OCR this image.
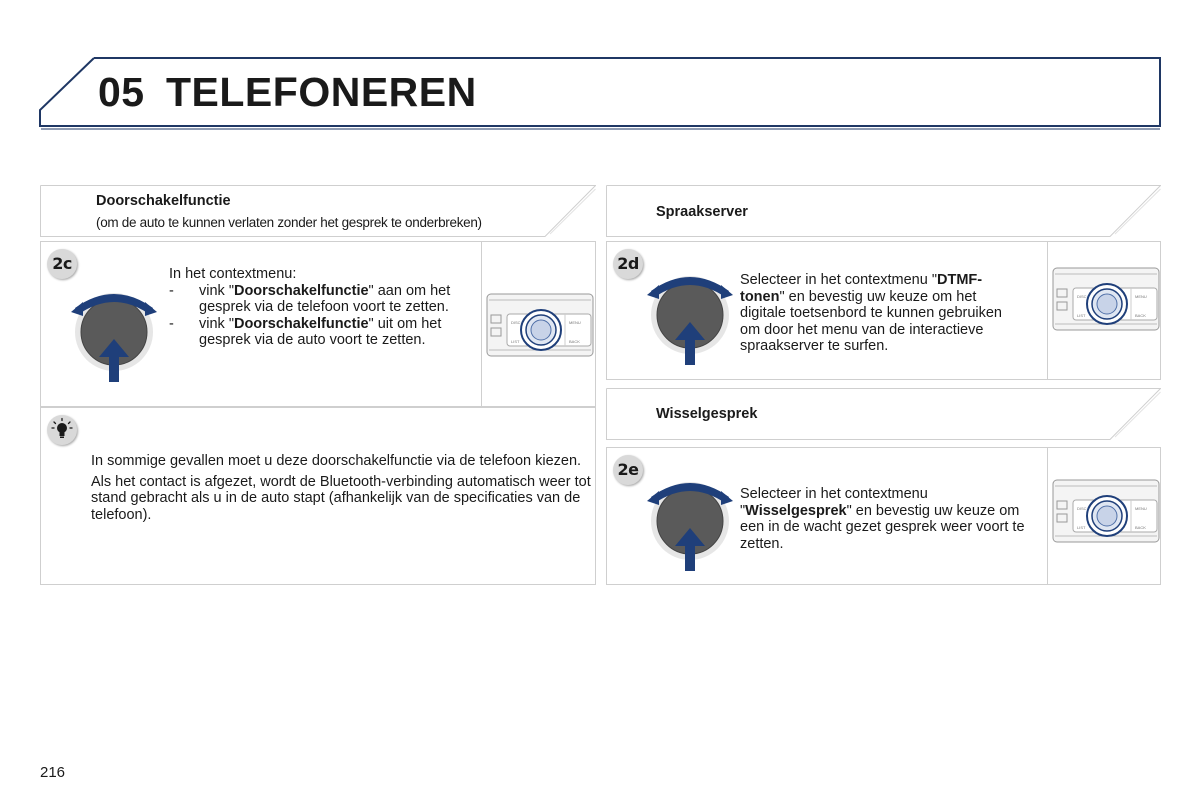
05 TELEFONEREN
Doorschakelfunctie
(om de auto te kunnen verlaten zonder het gesprek te onderbreken)
2c
In het contextmenu:
- vink "Doorschakelfunctie" aan om het gesprek via de telefoon voort te zetten.
- vink "Doorschakelfunctie" uit om het gesprek via de auto voort te zetten.
DISC	MENU
LIST	BACK
In sommige gevallen moet u deze doorschakelfunctie via de telefoon kiezen.
Als het contact is afgezet, wordt de Bluetooth-verbinding automatisch weer tot stand gebracht als u in de auto stapt (afhankelijk van de specificaties van de telefoon).
Spraakserver
2d
Selecteer in het contextmenu "DTMF-tonen" en bevestig uw keuze om het digitale toetsenbord te kunnen gebruiken om door het menu van de interactieve spraakserver te surfen.
DISC	MENU
LIST	BACK
Wisselgesprek
2e
Selecteer in het contextmenu "Wisselgesprek" en bevestig uw keuze om een in de wacht gezet gesprek weer voort te zetten.
DISC	MENU
LIST	BACK
216
